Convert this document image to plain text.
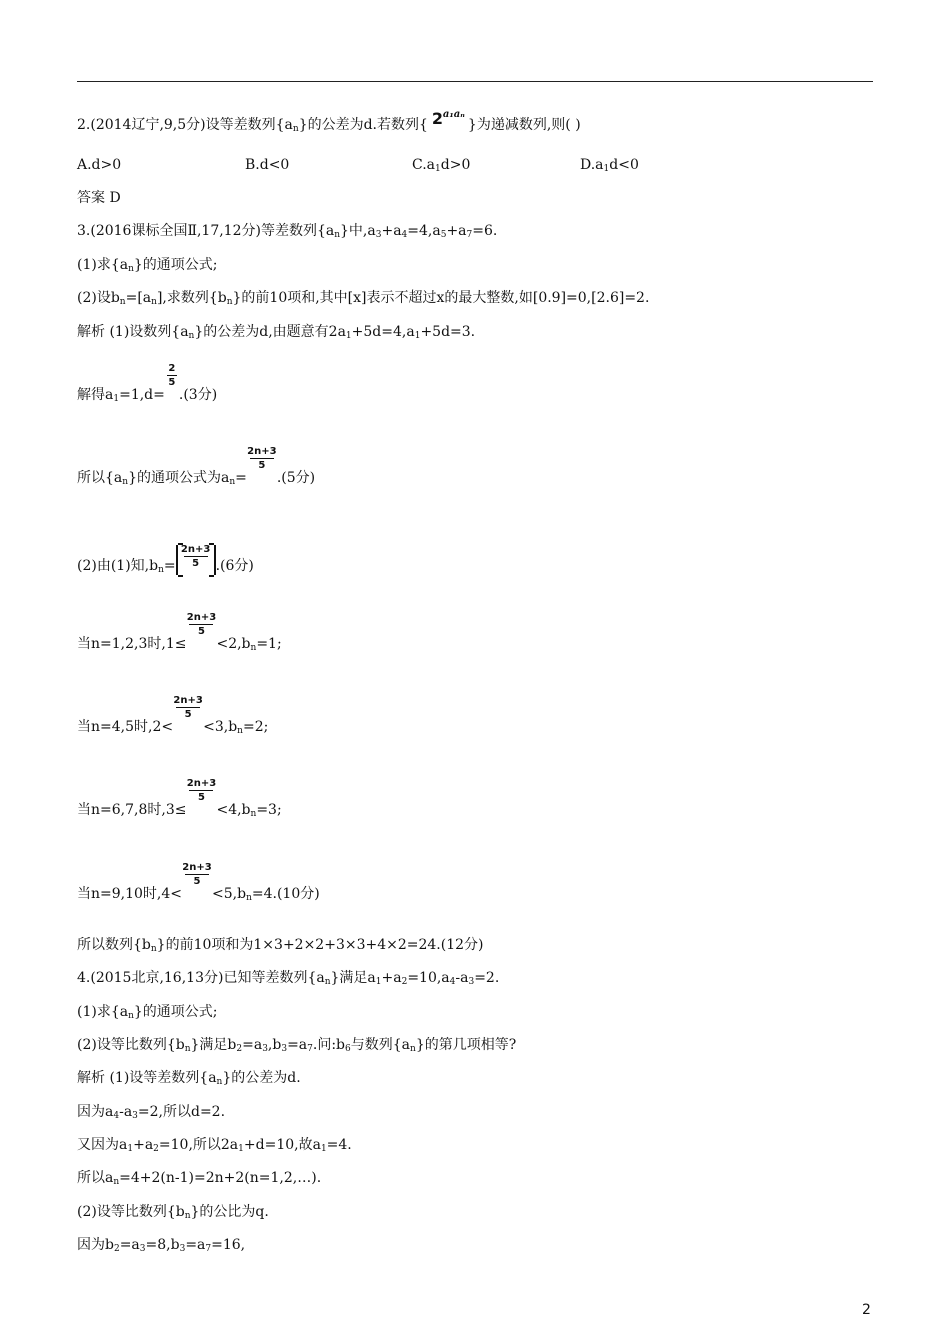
2.(2014辽宁,9,5分)设等差数列$\{a_n\}$的公差为d.若数列{ 2 a₁aₙ
}为递减数列,则( )
A.d>0	B.d<0	$C.a_1d>0$	$D.a_1d<0$
答案 D
3.(2016课标全国Ⅱ,17,12分)等差数列$\{a_n\}$中$,a_3+a_4=4,a_5+a_7=6$.
(1)求$\{a_n\}$的通项公式;
(2)设$b_n=[a_n]$,求数列$\{b_n\}$的前10项和,其中[x]表示不超过x的最大整数,如[0.9]=0,[2.6]=2.
解析 (1)设数列$\{a_n\}$的公差为d,由题意有$2a_1+5d=4,a_1+5d=3$.
解得$a_1=1,d=$
$\frac{2}{5}$
.(3分)
所以$\{a_n\}$的通项公式为$a_n=$
$\frac{2n+3}{5}$
.(5分)
(2)由(1)知$,b_n=$
2n+3
5	.(6分)
当n=1,2,3时,1≤
$\frac{2n+3}{5}$
$<2,b_n=1$;
当n=4,5时,2<
$\frac{2n+3}{5}$
$<3,b_n=2$;
当n=6,7,8时,3≤
$\frac{2n+3}{5}$
$<4,b_n=3$;
当n=9,10时,4<
$\frac{2n+3}{5}$
$<5,b_n=4.(10$分)
所以数列$\{b_n\}$的前10项和为1×3+2×2+3×3+4×2=24.(12分)
4.(2015北京,16,13分)已知等差数列$\{a_n\}$满足$a_1+a_2=10,a_4-a_3=2$.
(1)求$\{a_n\}$的通项公式;
(2)设等比数列$\{b_n\}$满足$b_2=a_3,b_3=a_7$.问$:b_6$与数列$\{a_n\}$的第几项相等?
解析 (1)设等差数列$\{a_n\}$的公差为d.
因为$a_4-a_3=2$,所以d=2.
又因为$a_1+a_2=10$,所以$2a_1+d=10$,故$a_1=4$.
所以$a_n=4+2(n-1)=2n+2(n=1,2,\dots)$.
(2)设等比数列$\{b_n\}$的公比为q.
因为$b_2=a_3=8,b_3=a_7=16$,
2
